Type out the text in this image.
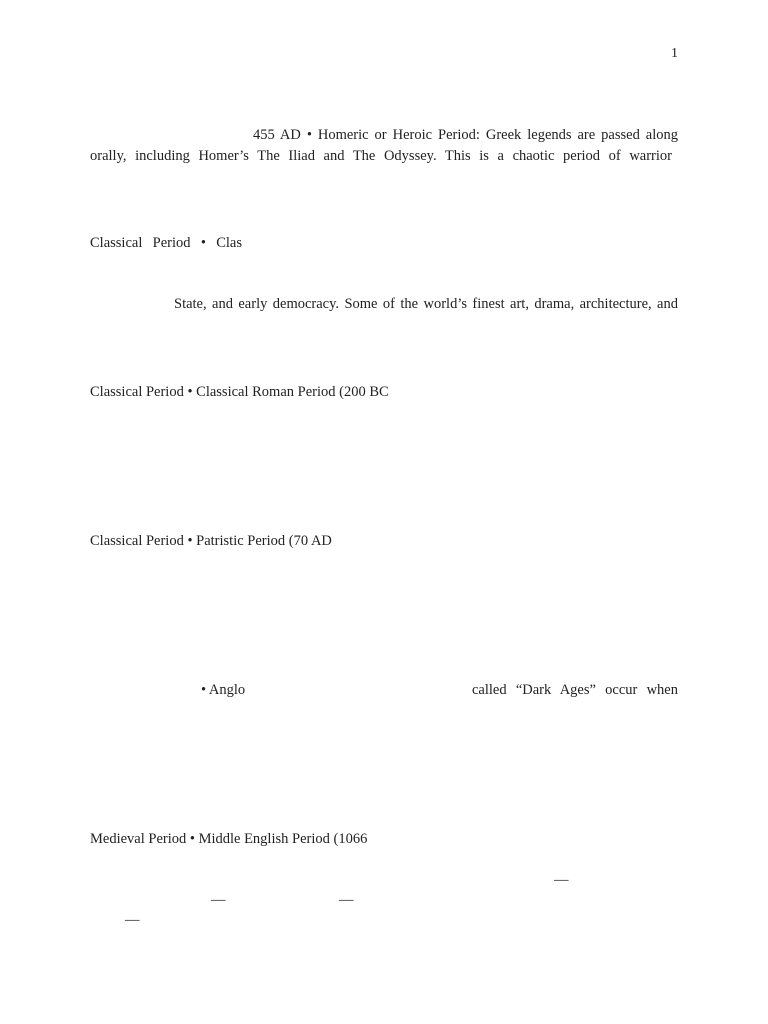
1
455 AD • Homeric or Heroic Period: Greek legends are passed along
orally, including Homer’s The Iliad and The Odyssey. This is a chaotic period of warrior
Classical Period • Clas
State, and early democracy. Some of the world’s finest art, drama, architecture, and
Classical Period • Classical Roman Period (200 BC
Classical Period • Patristic Period (70 AD
• Anglo	called “Dark Ages” occur when
Medieval Period • Middle English Period (1066
—
—	—
—
